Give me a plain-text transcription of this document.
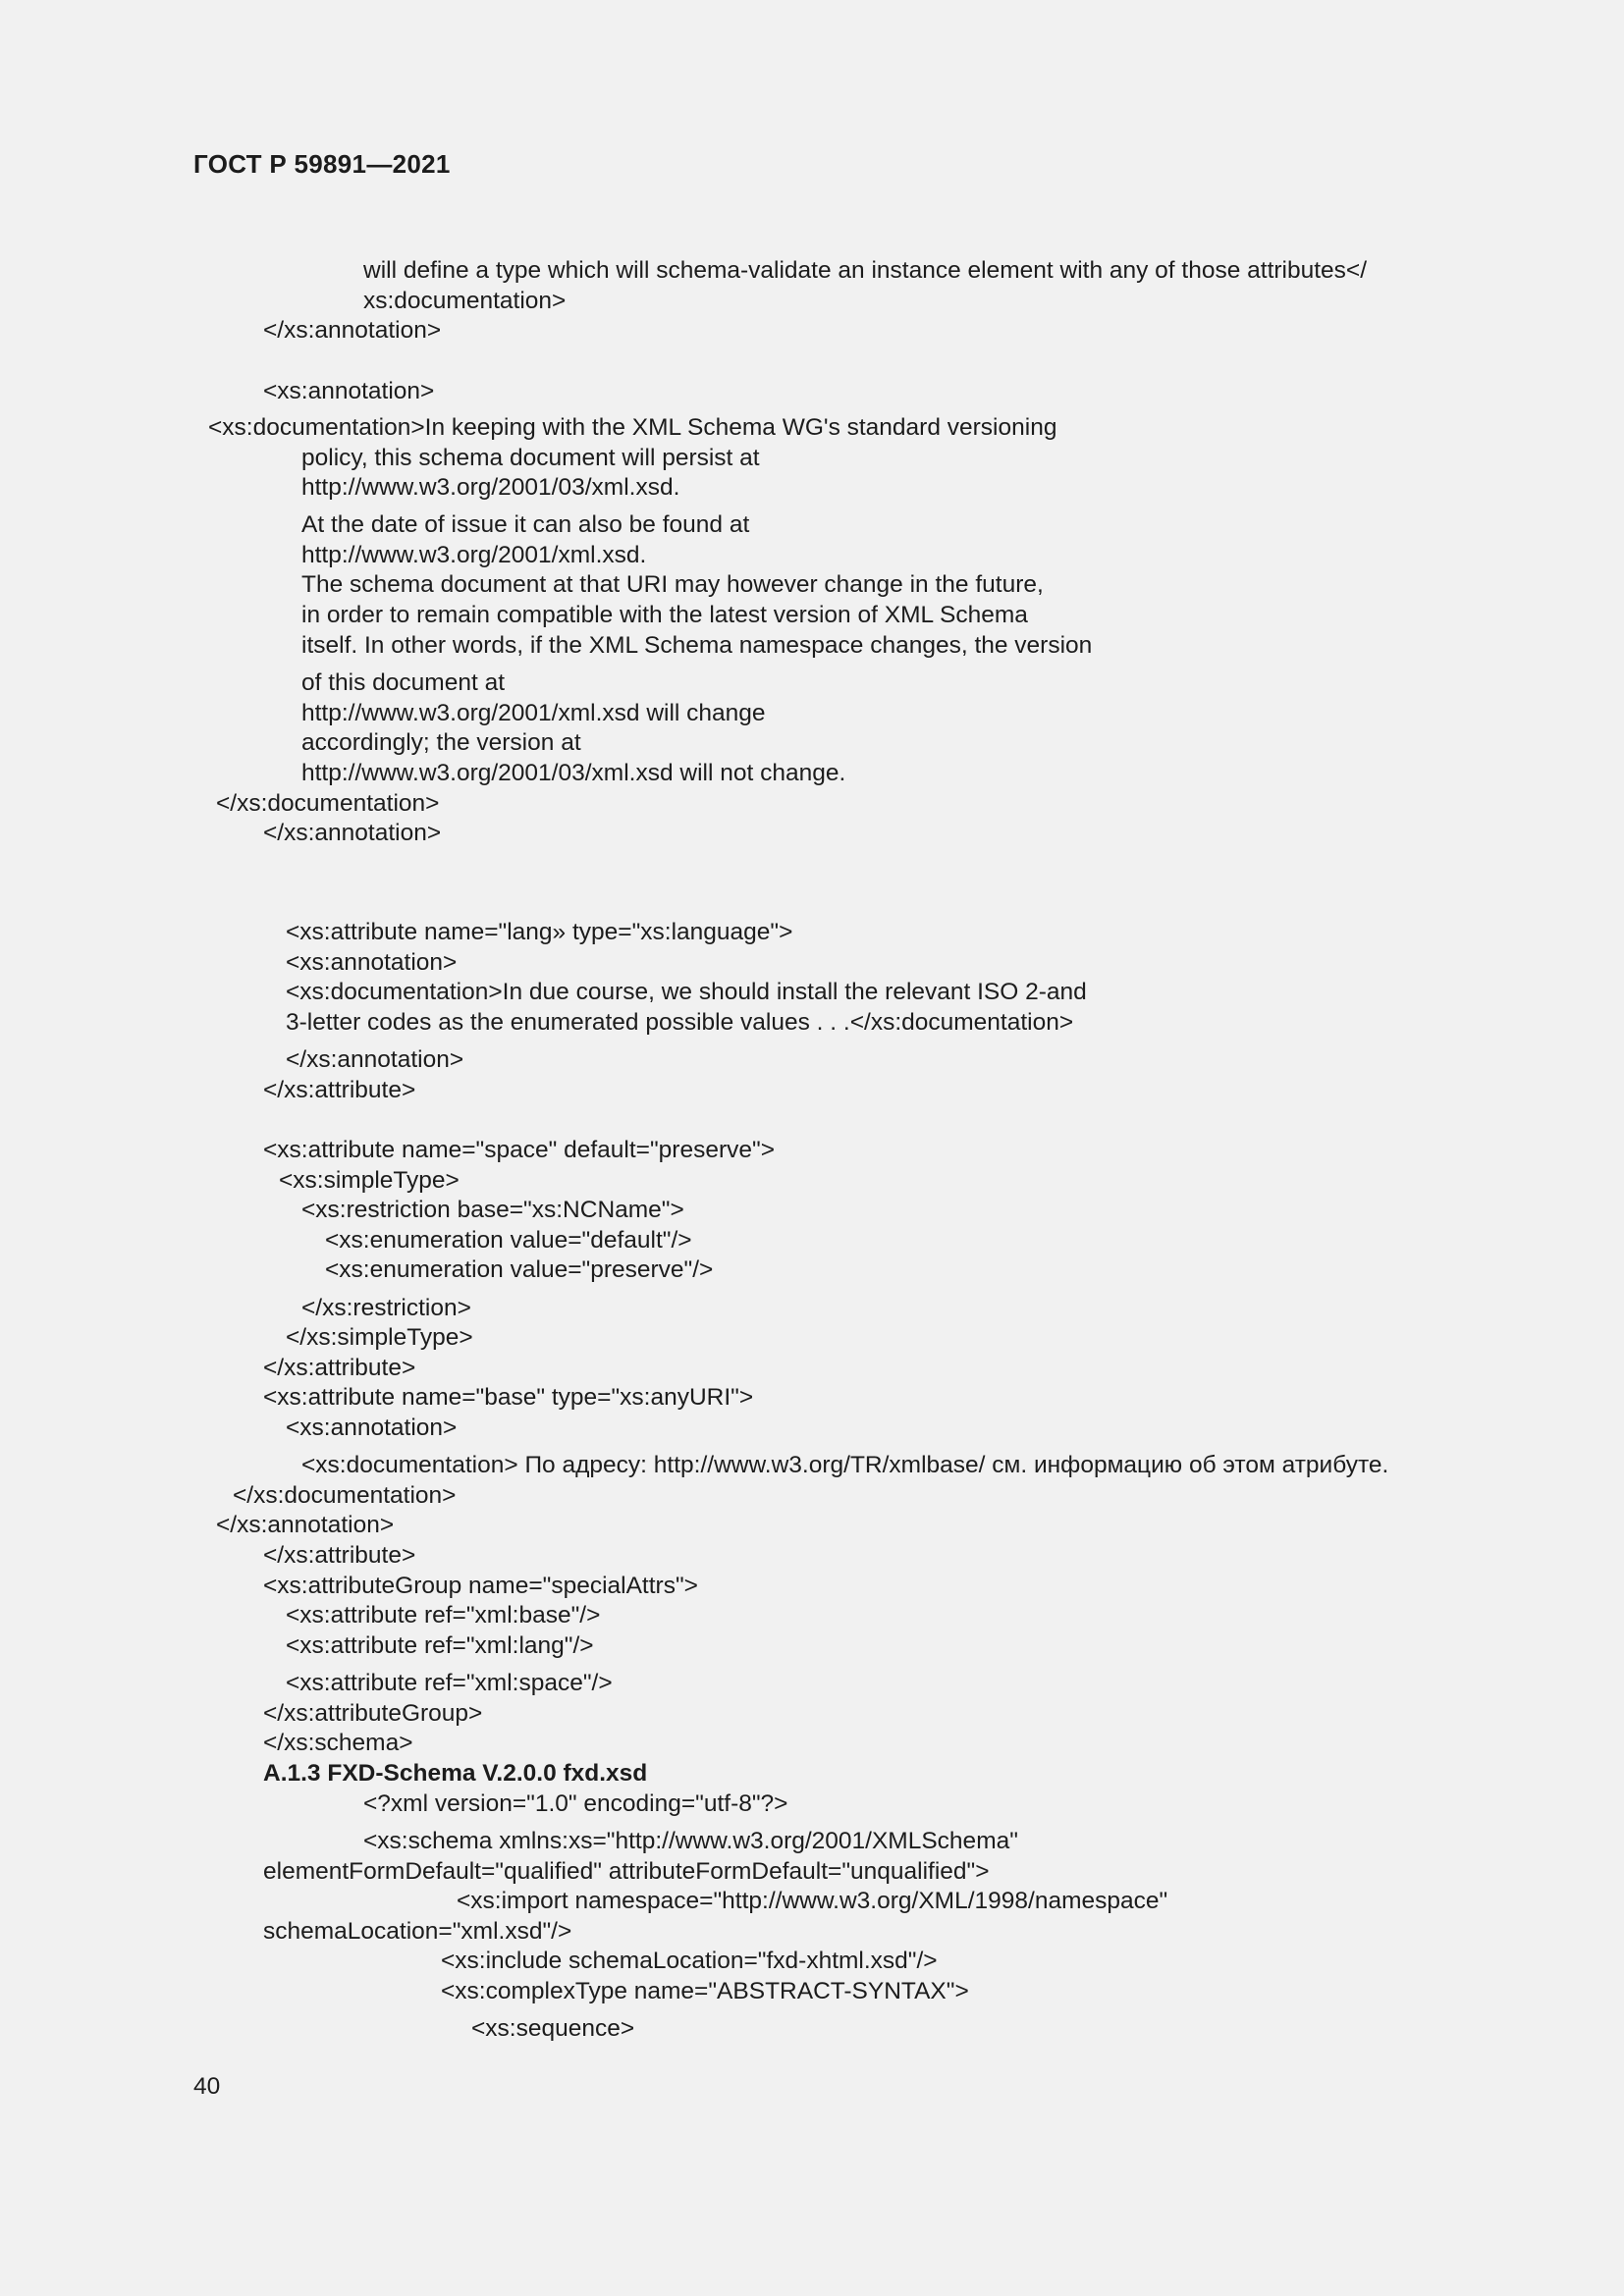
ГОСТ Р 59891—2021
will define a type which will schema-validate an instance element with any of those attributes</
xs:documentation>
</xs:annotation>
<xs:annotation>
<xs:documentation>In keeping with the XML Schema WG's standard versioning
policy, this schema document will persist at
http://www.w3.org/2001/03/xml.xsd.
At the date of issue it can also be found at
http://www.w3.org/2001/xml.xsd.
The schema document at that URI may however change in the future,
in order to remain compatible with the latest version of XML Schema
itself. In other words, if the XML Schema namespace changes, the version
of this document at
http://www.w3.org/2001/xml.xsd will change
accordingly; the version at
http://www.w3.org/2001/03/xml.xsd will not change.
</xs:documentation>
</xs:annotation>
<xs:attribute name="lang» type="xs:language">
<xs:annotation>
<xs:documentation>In due course, we should install the relevant ISO 2-and
3-letter codes as the enumerated possible values . . .</xs:documentation>
</xs:annotation>
</xs:attribute>
<xs:attribute name="space" default="preserve">
<xs:simpleType>
<xs:restriction base="xs:NCName">
<xs:enumeration value="default"/>
<xs:enumeration value="preserve"/>
</xs:restriction>
</xs:simpleType>
</xs:attribute>
<xs:attribute name="base" type="xs:anyURI">
<xs:annotation>
<xs:documentation> По адресу: http://www.w3.org/TR/xmlbase/ см. информацию об этом атрибуте.
</xs:documentation>
</xs:annotation>
</xs:attribute>
<xs:attributeGroup name="specialAttrs">
<xs:attribute ref="xml:base"/>
<xs:attribute ref="xml:lang"/>
<xs:attribute ref="xml:space"/>
</xs:attributeGroup>
</xs:schema>
A.1.3 FXD-Schema V.2.0.0 fxd.xsd
<?xml version="1.0" encoding="utf-8"?>
<xs:schema xmlns:xs="http://www.w3.org/2001/XMLSchema"
elementFormDefault="qualified" attributeFormDefault="unqualified">
<xs:import namespace="http://www.w3.org/XML/1998/namespace"
schemaLocation="xml.xsd"/>
<xs:include schemaLocation="fxd-xhtml.xsd"/>
<xs:complexType name="ABSTRACT-SYNTAX">
<xs:sequence>
40
